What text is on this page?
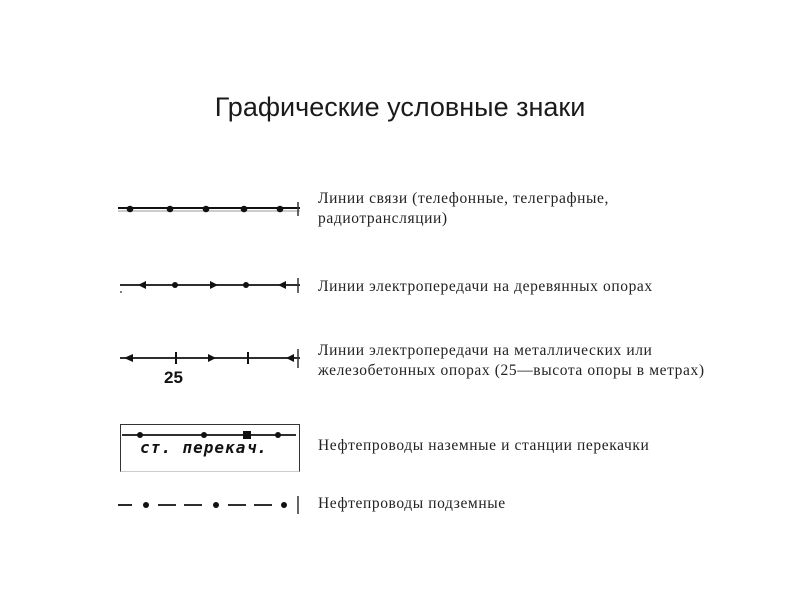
Графические условные знаки
Линии связи (телефонные, телеграфные, радиотрансляции)
Линии электропередачи на деревянных опорах
25
Линии электропередачи на металлических или железобетонных опорах (25—высота опоры в метрах)
ст. перекач.	Нефтепроводы наземные и станции перекачки
Нефтепроводы подземные
